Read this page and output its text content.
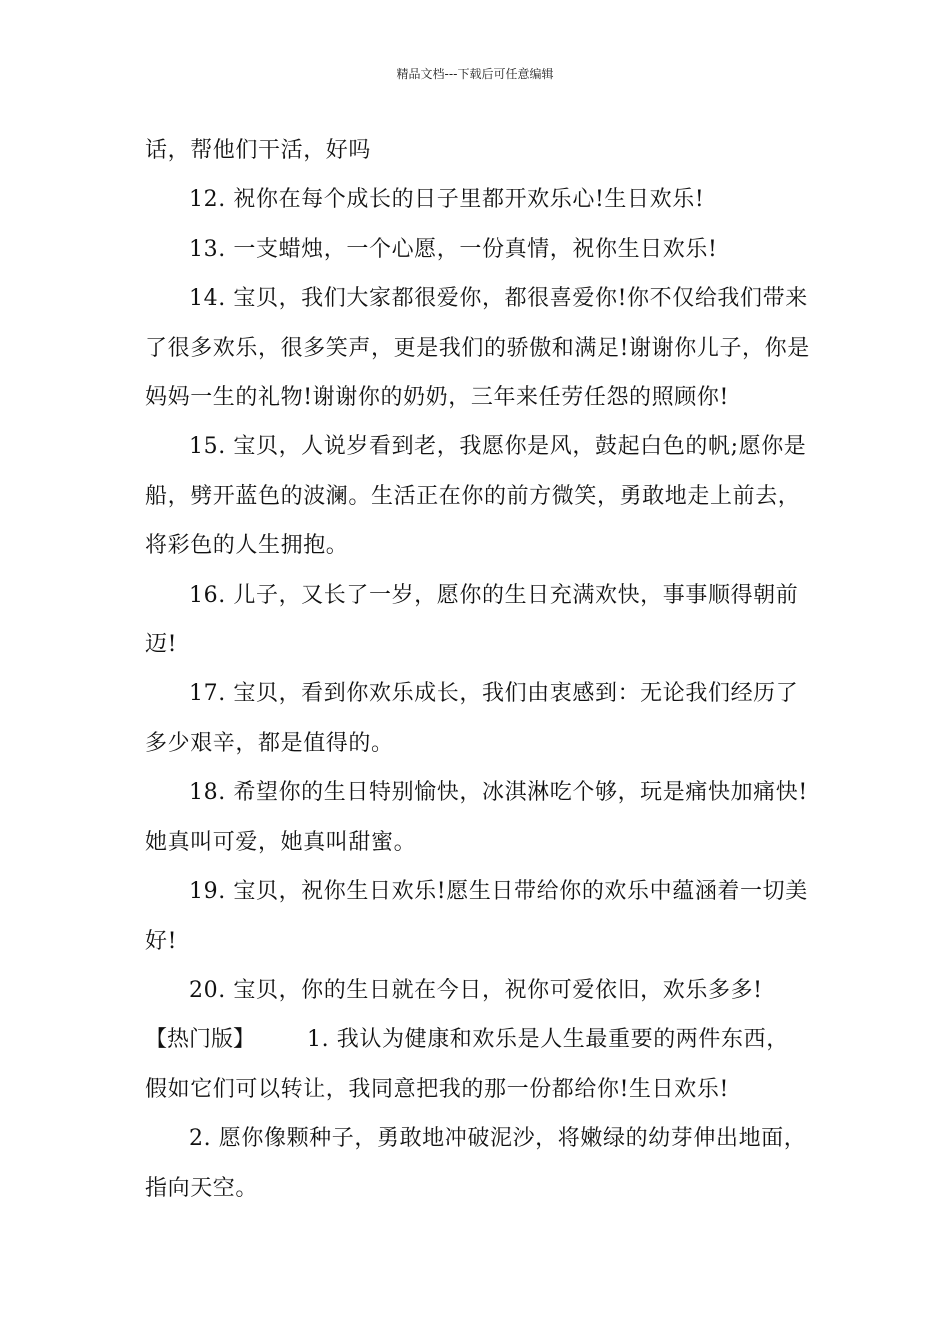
精品文档---下载后可任意编辑

话，帮他们干活，好吗

12. 祝你在每个成长的日子里都开欢乐心!生日欢乐!

13. 一支蜡烛，一个心愿，一份真情，祝你生日欢乐!

14. 宝贝，我们大家都很爱你，都很喜爱你!你不仅给我们带来了很多欢乐，很多笑声，更是我们的骄傲和满足!谢谢你儿子，你是妈妈一生的礼物!谢谢你的奶奶，三年来任劳任怨的照顾你!

15. 宝贝，人说岁看到老，我愿你是风，鼓起白色的帆;愿你是船，劈开蓝色的波澜。生活正在你的前方微笑，勇敢地走上前去，将彩色的人生拥抱。

16. 儿子，又长了一岁，愿你的生日充满欢快，事事顺得朝前迈!

17. 宝贝，看到你欢乐成长，我们由衷感到：无论我们经历了多少艰辛，都是值得的。

18. 希望你的生日特别愉快，冰淇淋吃个够，玩是痛快加痛快!她真叫可爱，她真叫甜蜜。

19. 宝贝，祝你生日欢乐!愿生日带给你的欢乐中蕴涵着一切美好!

20. 宝贝，你的生日就在今日，祝你可爱依旧，欢乐多多!

【热门版】 1. 我认为健康和欢乐是人生最重要的两件东西，假如它们可以转让，我同意把我的那一份都给你!生日欢乐!

2. 愿你像颗种子，勇敢地冲破泥沙，将嫩绿的幼芽伸出地面，指向天空。
